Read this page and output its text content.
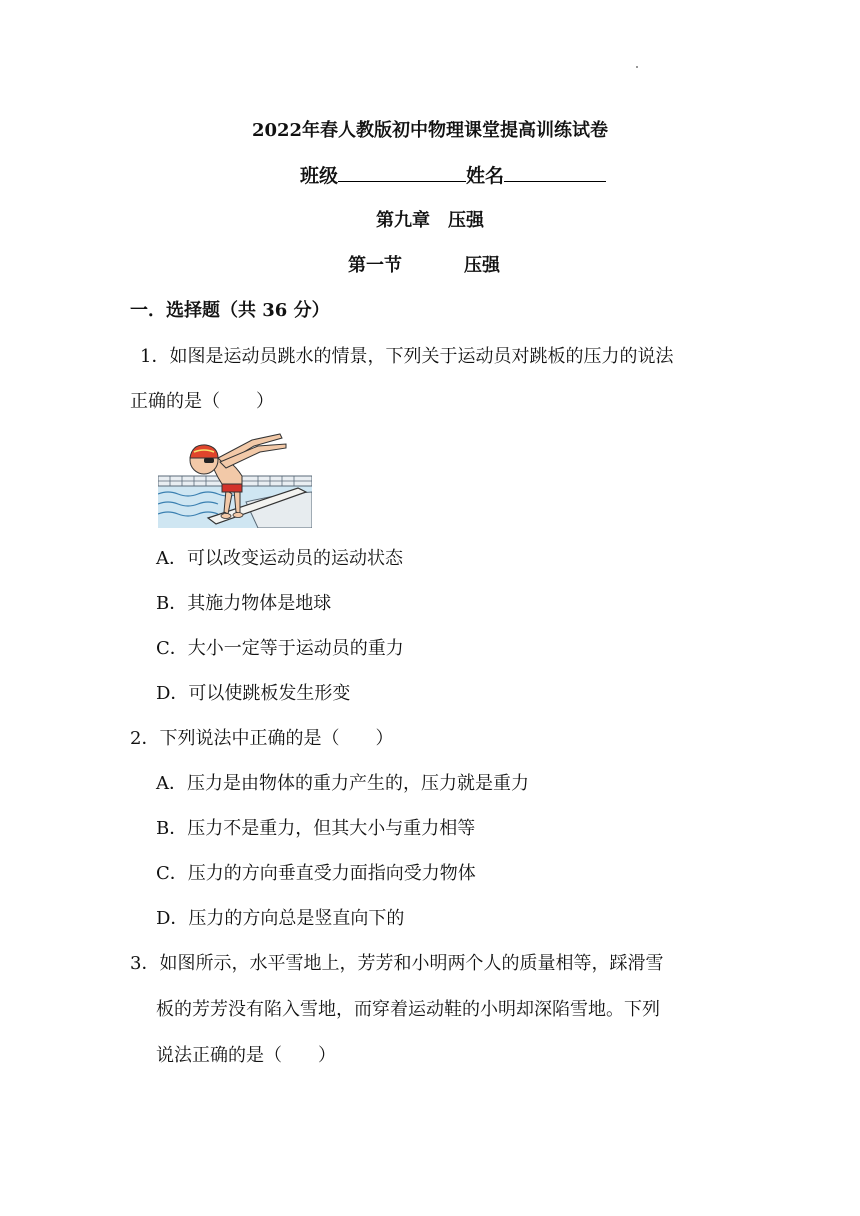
2022年春人教版初中物理课堂提高训练试卷
班级	姓名
第九章　压强
第一节	压强
一．选择题（共 36 分）
1．如图是运动员跳水的情景，下列关于运动员对跳板的压力的说法
正确的是（　　）
A．可以改变运动员的运动状态
B．其施力物体是地球
C．大小一定等于运动员的重力
D．可以使跳板发生形变
2．下列说法中正确的是（　　）
A．压力是由物体的重力产生的，压力就是重力
B．压力不是重力，但其大小与重力相等
C．压力的方向垂直受力面指向受力物体
D．压力的方向总是竖直向下的
3．如图所示，水平雪地上，芳芳和小明两个人的质量相等，踩滑雪
板的芳芳没有陷入雪地，而穿着运动鞋的小明却深陷雪地。下列
说法正确的是（　　）
